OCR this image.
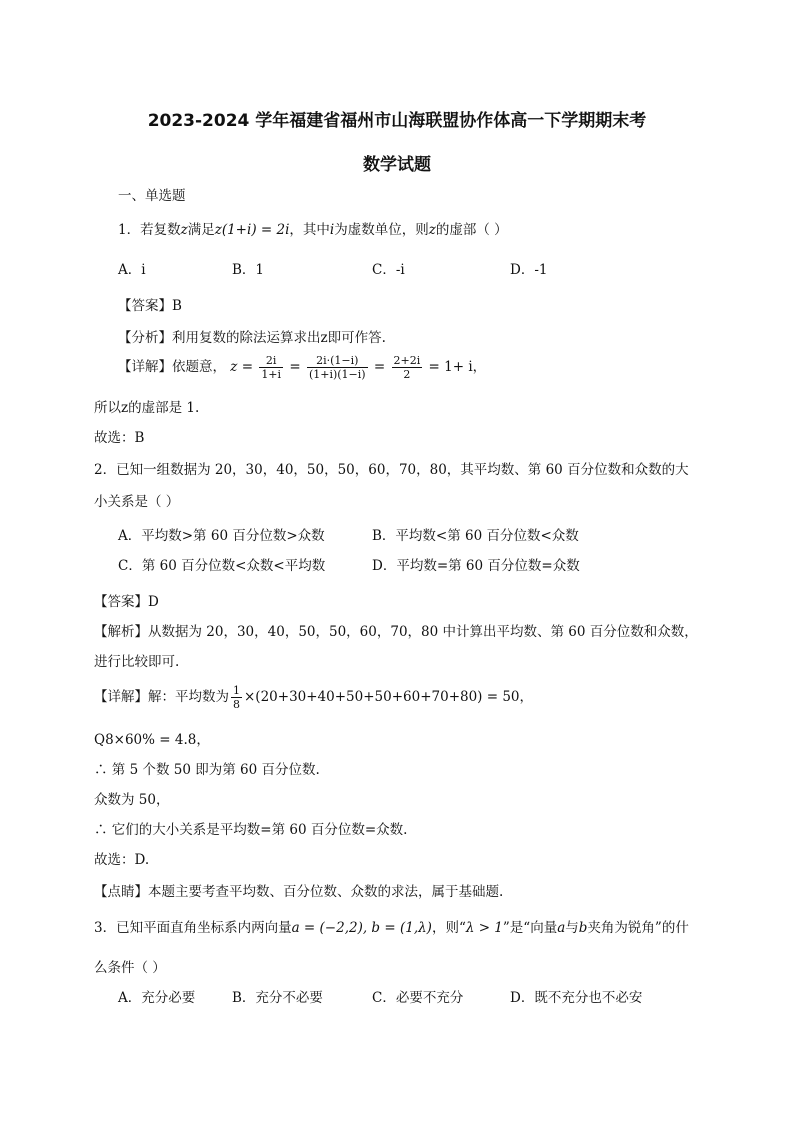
2023-2024 学年福建省福州市山海联盟协作体高一下学期期末考
数学试题
一、单选题
1．若复数z满足z(1+i) = 2i，其中i为虚数单位，则z的虚部（ ）
A．i	B．1	C．-i	D．-1
【答案】B
【分析】利用复数的除法运算求出z即可作答.
【详解】依题意， $z = \frac{2i}{1+i} = \frac{2i\cdot(1-i)}{(1+i)(1-i)} = \frac{2+2i}{2} = 1+ i$，
所以z的虚部是 1.
故选：B
2．已知一组数据为 20，30，40，50，50，60，70，80，其平均数、第 60 百分位数和众数的大
小关系是（ ）
A．平均数>第 60 百分位数>众数	B．平均数<第 60 百分位数<众数
C．第 60 百分位数<众数<平均数	D．平均数=第 60 百分位数=众数
【答案】D
【解析】从数据为 20，30，40，50，50，60，70，80 中计算出平均数、第 60 百分位数和众数，
进行比较即可.
【详解】解：平均数为 $\frac{1}{8} \times(20+30+40+50+50+60+70+80) = 50$，
Q8×60% = 4.8，
∴ 第 5 个数 50 即为第 60 百分位数.
众数为 50，
∴ 它们的大小关系是平均数=第 60 百分位数=众数.
故选：D.
【点睛】本题主要考查平均数、百分位数、众数的求法，属于基础题.
3．已知平面直角坐标系内两向量a = (−2,2), b = (1,λ)，则“λ > 1”是“向量a与b夹角为锐角”的什
么条件（ ）
A．充分必要	B．充分不必要	C．必要不充分	D．既不充分也不必安
